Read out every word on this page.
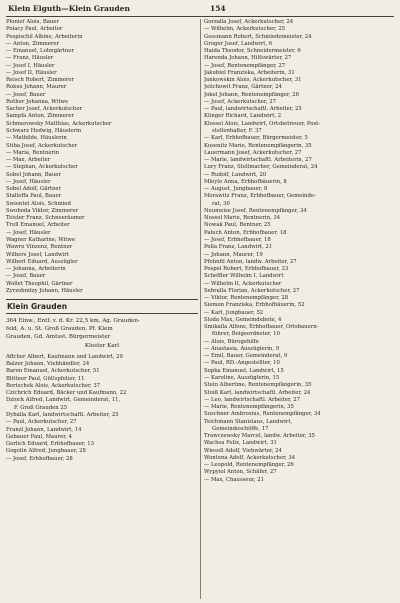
Klein Elguth—Klein Grauden	154
Plonief Alois, Bauer
Polacy Paul, Arbeiter
Pospischil Albine, Arbeiterin
— Anton, Zimmerer
— Emanuel, Lohngärtner
— Franz, Häusler
— Josef I, Häusler
— Josef II, Häusler
Reisch Robert, Zimmerer
Rokus Johann, Maurer
— Josef, Bauer
Rother Johanna, Witwe
Sacher Josef, Ackerkutscher
Sampfa Anton, Zimmerer
Schmerowsky Matthias, Ackerkutscher
Schwarz Hedwig, Häuslerin
— Mathilde, Häuslerin
Stiba Josef, Ackerkutscher
— Maria, Rentnerin
— Max, Arbeiter
— Stephan, Ackerkutscher
Sobel Johann, Bauer
— Josef, Häusler
Sobel Adolf, Gärtner
Stalloffa Paul, Bauer
Swiontel Alois, Schmied
Swoboda Viktor, Zimmerer
Teister Franz, Schneeräumer
Trell Emanuel, Arbeiter
— Josef, Häusler
Wagner Katharine, Witwe
Wawro Vinzenz, Rentner
Wilbers Josef, Landwirt
Wilbert Eduard, Auszügler
— Johanna, Arbeiterin
— Josef, Bauer
Wollet Theophil, Gärtner
Zyrzobnitzy Johann, Häusler
Klein Grauden
364 Einw., Entf. v. d. Kr. 22,5 km, Ag. Grauden-
feld, A. u. St. Groß Grauden, Pf. Klein
Grauden, Gd. Amtsst. Bürgermeister
Kloster Karl
Affcher Albert, Kaufmann und Landwirt, 29
Balzer Johann, Viehhändler, 24
Baron Emanuel, Ackerkutscher, 51
Blittner Paul, Gütlspfelier, 11
Bortschek Alois, Ackerkutscher, 37
Czichrich Eduard, Bäcker und Kaufmann, 22
Dziock Alfred, Landwirt, Gemeinderat, 11,
F. Groß Grauden 25
Dyballa Karl, landwirtschaftl. Arbeiter, 25
— Paul, Ackerkutscher, 27
Franzl Johann, Landwirt, 14
Gebauer Paul, Maurer, 4
Gerlich Eduard, Erbhofbauer, 13
Gogolin Alfred, Jungbauer, 28
— Josef, Erbhofbauer, 28
Gorzalla Josef, Ackerkutscher, 24
— Wilhelm, Ackerkutscher, 25
Gossmann Robert, Schmiedemeister, 24
Groger Josef, Landwirt, 6
Haida Theodor, Schneidermeister, 6
Harenda Johann, Hilfswärter, 27
— Josef, Rentenempfänger, 27
Jakubiel Franziska, Arbeiterin, 31
Jankowskin Alois, Ackerkutscher, 31
Jelichowit Franz, Gärtner, 24
Jokel Johann, Rentenempfänger, 26
— Josef, Ackerkutscher, 27
— Paul, landwirtschaftl. Arbeiter, 25
Klinger Richard, Landwirt, 2
Klossel Alois, Landwirt, Ortsbetreuer, Post-
stellenhalter, F. 37
— Karl, Erbhofbauer, Bürgermeister, 5
Kusenitz Marie, Rentenempfängerin, 35
Lauermann Josef, Ackerkutscher, 27
— Marie, landwirtschaftl. Arbeiterin, 27
Lury Franz, Stellmacher, Gemeinderat, 24
— Rudolf, Landwirt, 20
Mleylo Anna, Erbhofbäuerin, 8
— August, Jungbauer, 8
Morawitz Franz, Erbhofbauer, Gemeinde-
rat, 30
Neumeise Josef, Rentenempfänger, 34
Nossol Marie, Rentnerin, 34
Nowak Paul, Rentner, 25
Paluch Anton, Erbhofbauer, 18
— Josef, Erbhofbauer, 18
Pella Franz, Landwirt, 21
— Johann, Maurer, 19
Pfohnfil Anton, landw. Arbeiter, 27
Pospel Robert, Erbhofbauer, 23
Scheffler Wilhelm I, Landwirt
— Wilhelm II, Ackerkutscher
Sebralla Florian, Ackerkutscher, 27
— Viktor, Rentenempfänger, 28
Siemon Franziska, Erbhofbäuerin, 52
— Karl, Jungbauer, 52
Sloda Max, Gemeindebote, 4
Smikalla Alfons, Erbhofbauer, Ortsbauern-
führer, Beigeordneter, 10
— Alois, Bürogehilfe
— Anastasia, Auszüglerin, 9
— Emil, Bauer, Gemeinderat, 9
— Paul, RD.-Angestellter, 10
Sopka Emanuel, Landwirt, 15
— Karoline, Auszüglerin, 15
Stein Albertine, Rentenempfängerin, 35
Stoiß Karl, landwirtschaftl. Arbeiter, 24
— Leo, landwirtschaftl. Arbeiter, 27
— Marie, Rentenempfängerin, 35
Suschner Ambrosius, Rentenempfänger, 34
Teichmann Stanislaus, Landwirt,
Gemeindeschöffe, 17
Trawczewsky Marcel, landw. Arbeiter, 35
Wachsa Felix, Landwirt, 31
Wiesoll Adolf, Viehwärter, 24
Wontena Adolf, Ackerkutscher, 34
— Leopold, Rentenempfänger, 26
Wypyiol Anton, Schäfer, 27
— Max, Chausseur, 21
